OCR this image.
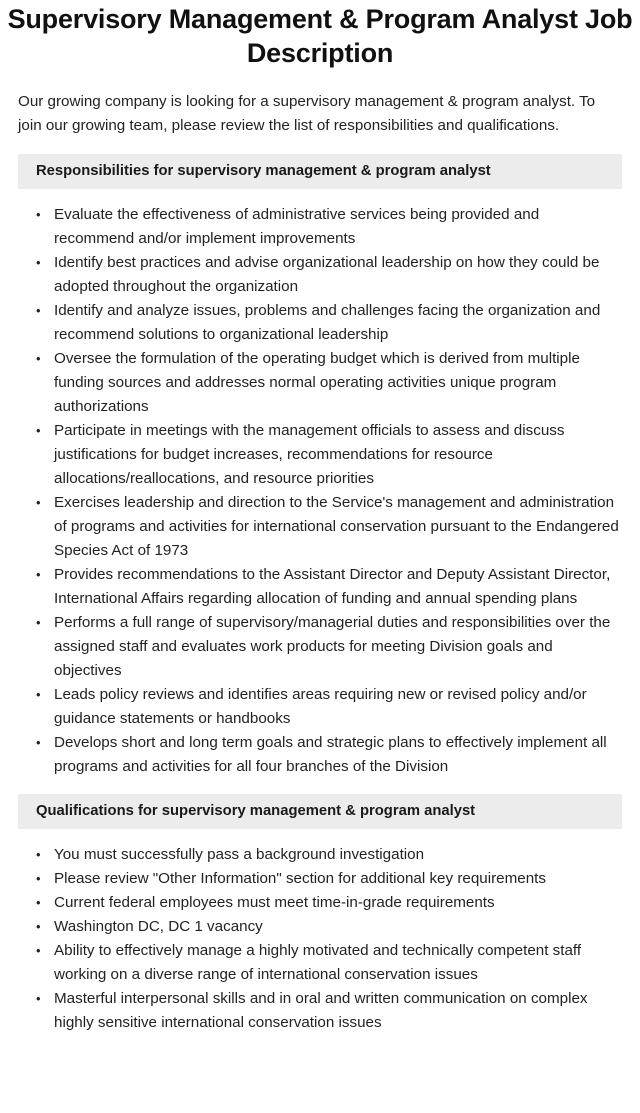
Supervisory Management & Program Analyst Job Description

Our growing company is looking for a supervisory management & program analyst. To join our growing team, please review the list of responsibilities and qualifications.

Responsibilities for supervisory management & program analyst
• Evaluate the effectiveness of administrative services being provided and recommend and/or implement improvements
• Identify best practices and advise organizational leadership on how they could be adopted throughout the organization
• Identify and analyze issues, problems and challenges facing the organization and recommend solutions to organizational leadership
• Oversee the formulation of the operating budget which is derived from multiple funding sources and addresses normal operating activities unique program authorizations
• Participate in meetings with the management officials to assess and discuss justifications for budget increases, recommendations for resource allocations/reallocations, and resource priorities
• Exercises leadership and direction to the Service's management and administration of programs and activities for international conservation pursuant to the Endangered Species Act of 1973
• Provides recommendations to the Assistant Director and Deputy Assistant Director, International Affairs regarding allocation of funding and annual spending plans
• Performs a full range of supervisory/managerial duties and responsibilities over the assigned staff and evaluates work products for meeting Division goals and objectives
• Leads policy reviews and identifies areas requiring new or revised policy and/or guidance statements or handbooks
• Develops short and long term goals and strategic plans to effectively implement all programs and activities for all four branches of the Division
Qualifications for supervisory management & program analyst
• You must successfully pass a background investigation
• Please review "Other Information" section for additional key requirements
• Current federal employees must meet time-in-grade requirements
• Washington DC, DC 1 vacancy
• Ability to effectively manage a highly motivated and technically competent staff working on a diverse range of international conservation issues
• Masterful interpersonal skills and in oral and written communication on complex highly sensitive international conservation issues
